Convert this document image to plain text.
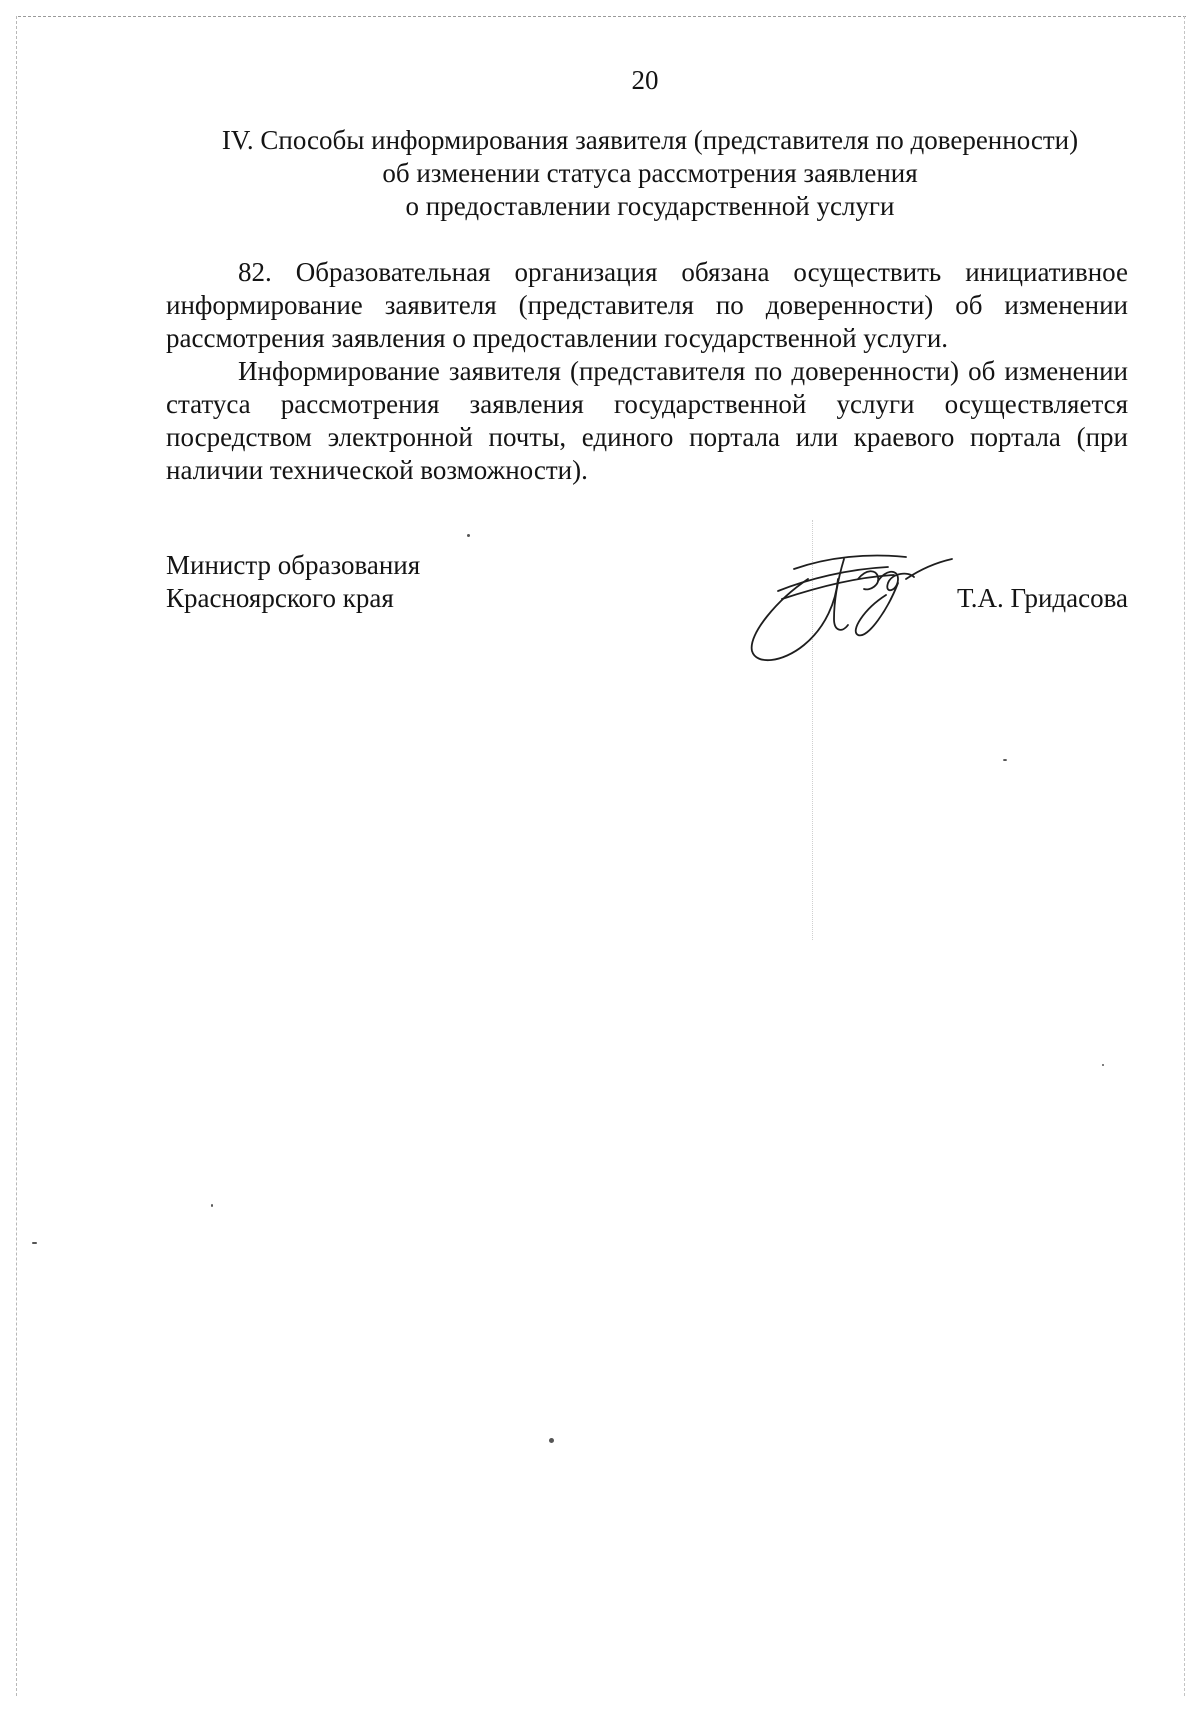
20
IV. Способы информирования заявителя (представителя по доверенности)
об изменении статуса рассмотрения заявления
о предоставлении государственной услуги

82. Образовательная организация обязана осуществить инициативное информирование заявителя (представителя по доверенности) об изменении рассмотрения заявления о предоставлении государственной услуги.

Информирование заявителя (представителя по доверенности) об изменении статуса рассмотрения заявления государственной услуги осуществляется посредством электронной почты, единого портала или краевого портала (при наличии технической возможности).

Министр образования
Красноярского края	Т.А. Гридасова
